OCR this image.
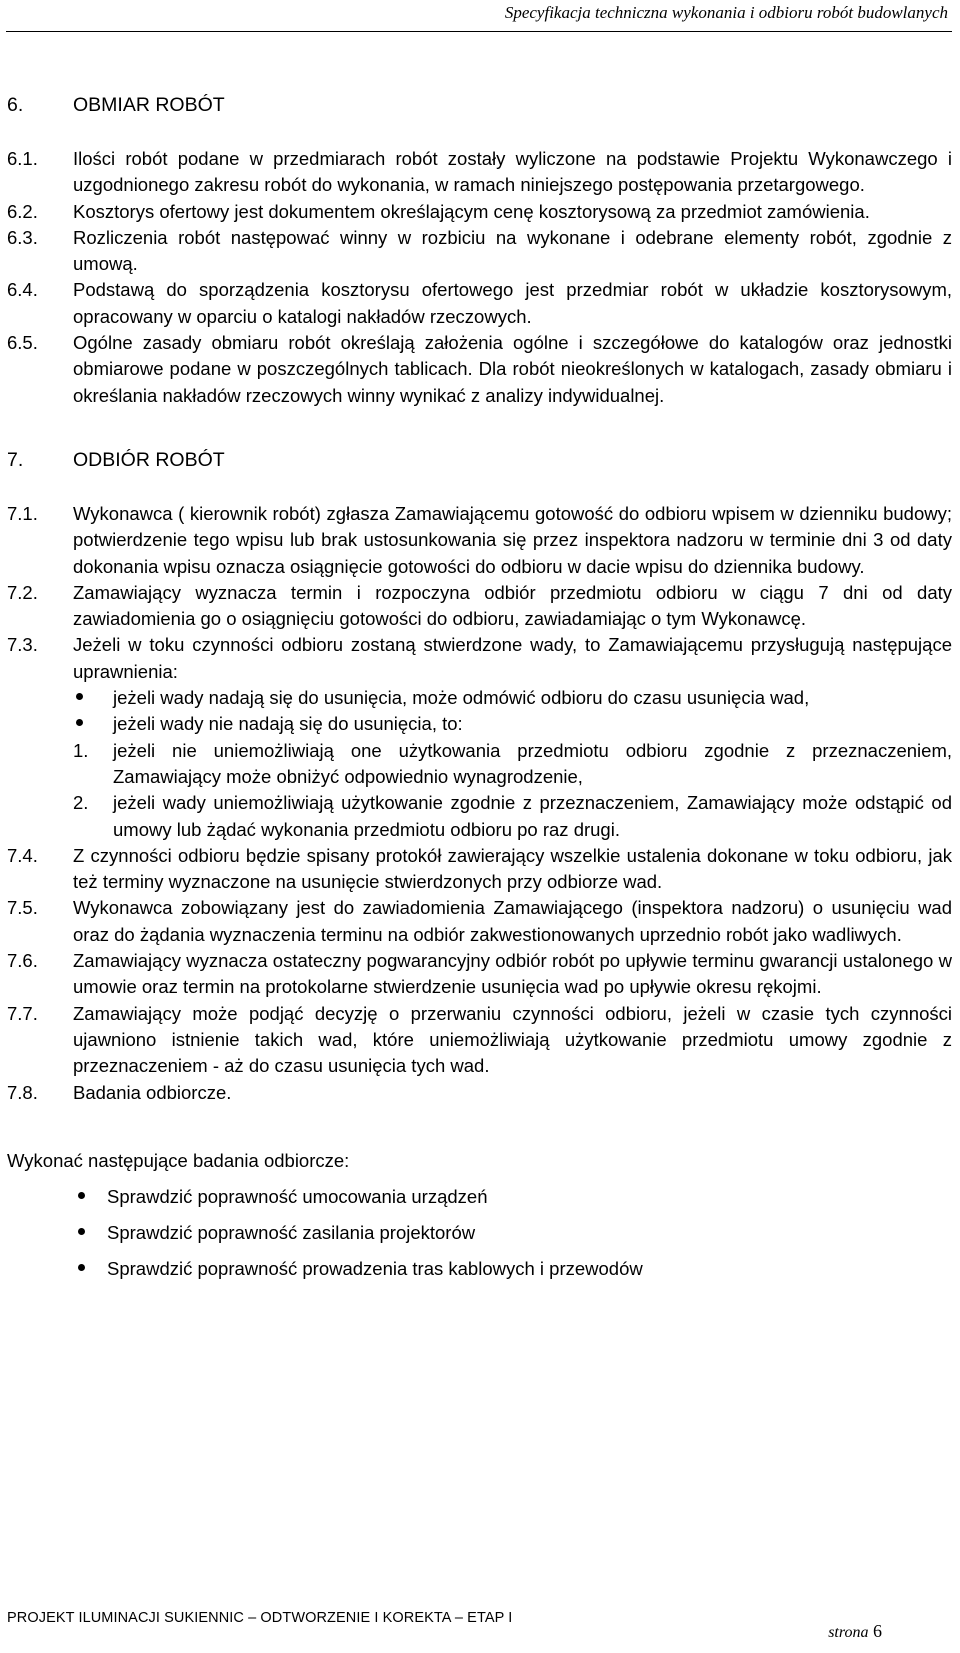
Specyfikacja techniczna wykonania i odbioru robót budowlanych
6.	OBMIAR ROBÓT
6.1.	Ilości robót podane w przedmiarach robót zostały wyliczone na podstawie Projektu Wykonawczego i uzgodnionego zakresu robót do wykonania, w ramach niniejszego postępowania przetargowego.
6.2.	Kosztorys ofertowy jest dokumentem określającym cenę kosztorysową za przedmiot zamówienia.
6.3.	Rozliczenia robót następować winny w rozbiciu na wykonane i odebrane elementy robót, zgodnie z umową.
6.4.	Podstawą do sporządzenia kosztorysu ofertowego jest przedmiar robót w układzie kosztorysowym, opracowany w oparciu o katalogi nakładów rzeczowych.
6.5.	Ogólne zasady obmiaru robót określają założenia ogólne i szczegółowe do katalogów oraz jednostki obmiarowe podane w poszczególnych tablicach. Dla robót nieokreślonych w katalogach, zasady obmiaru i określania nakładów rzeczowych winny wynikać z analizy indywidualnej.
7.	ODBIÓR ROBÓT
7.1.	Wykonawca ( kierownik robót) zgłasza Zamawiającemu gotowość do odbioru wpisem w dzienniku budowy; potwierdzenie tego wpisu lub brak ustosunkowania się przez inspektora nadzoru w terminie dni 3 od daty dokonania wpisu oznacza osiągnięcie gotowości do odbioru w dacie wpisu do dziennika budowy.
7.2.	Zamawiający wyznacza termin i rozpoczyna odbiór przedmiotu odbioru w ciągu 7 dni od daty zawiadomienia go o osiągnięciu gotowości do odbioru, zawiadamiając o tym Wykonawcę.
7.3.	Jeżeli w toku czynności odbioru zostaną stwierdzone wady, to Zamawiającemu przysługują następujące uprawnienia:
jeżeli wady nadają się do usunięcia, może odmówić odbioru do czasu usunięcia wad,
jeżeli wady nie nadają się do usunięcia, to:
1.	jeżeli nie uniemożliwiają one użytkowania przedmiotu odbioru zgodnie z przeznaczeniem, Zamawiający może obniżyć odpowiednio wynagrodzenie,
2.	jeżeli wady uniemożliwiają użytkowanie zgodnie z przeznaczeniem, Zamawiający może odstąpić od umowy lub żądać wykonania przedmiotu odbioru po raz drugi.
7.4.	Z czynności odbioru będzie spisany protokół zawierający wszelkie ustalenia dokonane w toku odbioru, jak też terminy wyznaczone na usunięcie stwierdzonych przy odbiorze wad.
7.5.	Wykonawca zobowiązany jest do zawiadomienia Zamawiającego (inspektora nadzoru) o usunięciu wad oraz do żądania wyznaczenia terminu na odbiór zakwestionowanych uprzednio robót jako wadliwych.
7.6.	Zamawiający wyznacza ostateczny pogwarancyjny odbiór robót po upływie terminu gwarancji ustalonego w umowie oraz termin na protokolarne stwierdzenie usunięcia wad po upływie okresu rękojmi.
7.7.	Zamawiający może podjąć decyzję o przerwaniu czynności odbioru, jeżeli w czasie tych czynności ujawniono istnienie takich wad, które uniemożliwiają użytkowanie przedmiotu umowy zgodnie z przeznaczeniem - aż do czasu usunięcia tych wad.
7.8.	Badania odbiorcze.
Wykonać następujące badania odbiorcze:
Sprawdzić poprawność umocowania urządzeń
Sprawdzić poprawność zasilania projektorów
Sprawdzić poprawność prowadzenia tras kablowych i przewodów
PROJEKT ILUMINACJI SUKIENNIC – ODTWORZENIE I KOREKTA – ETAP I
strona 6
